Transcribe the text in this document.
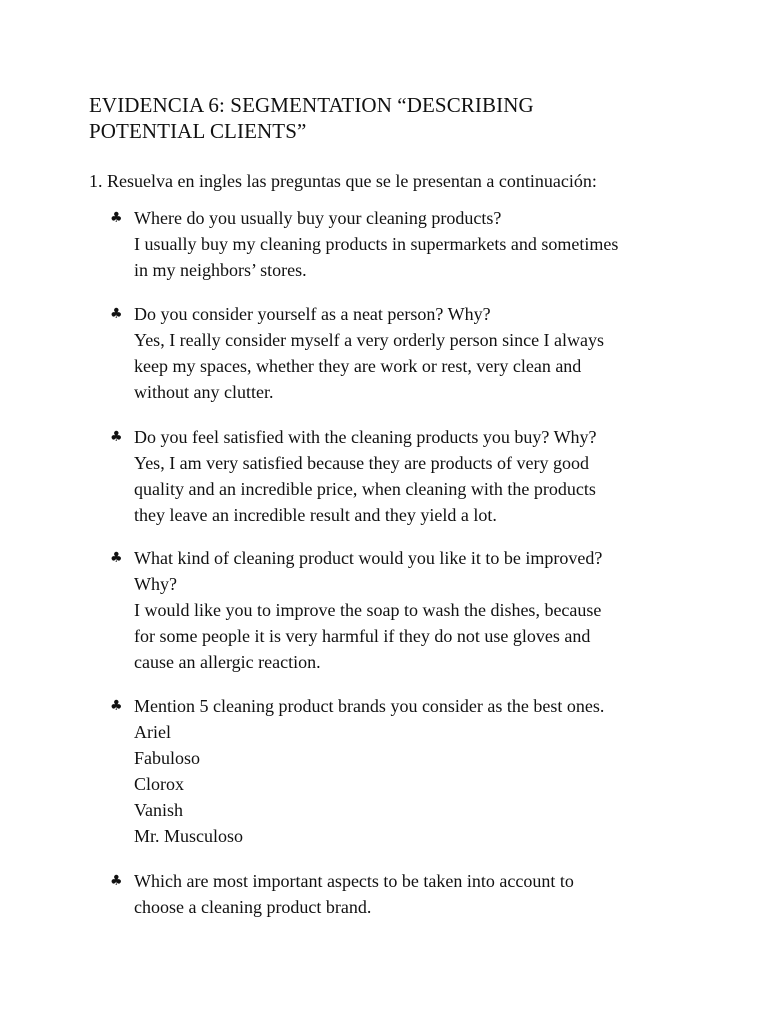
EVIDENCIA 6: SEGMENTATION “DESCRIBING
POTENTIAL CLIENTS”

1. Resuelva en ingles las preguntas que se le presentan a continuación:

♣ Where do you usually buy your cleaning products?
I usually buy my cleaning products in supermarkets and sometimes
in my neighbors’ stores.
♣ Do you consider yourself as a neat person? Why?
Yes, I really consider myself a very orderly person since I always
keep my spaces, whether they are work or rest, very clean and
without any clutter.
♣ Do you feel satisfied with the cleaning products you buy? Why?
Yes, I am very satisfied because they are products of very good
quality and an incredible price, when cleaning with the products
they leave an incredible result and they yield a lot.
♣ What kind of cleaning product would you like it to be improved?
Why?
I would like you to improve the soap to wash the dishes, because
for some people it is very harmful if they do not use gloves and
cause an allergic reaction.
♣ Mention 5 cleaning product brands you consider as the best ones.
Ariel
Fabuloso
Clorox
Vanish
Mr. Musculoso
♣ Which are most important aspects to be taken into account to
choose a cleaning product brand.
